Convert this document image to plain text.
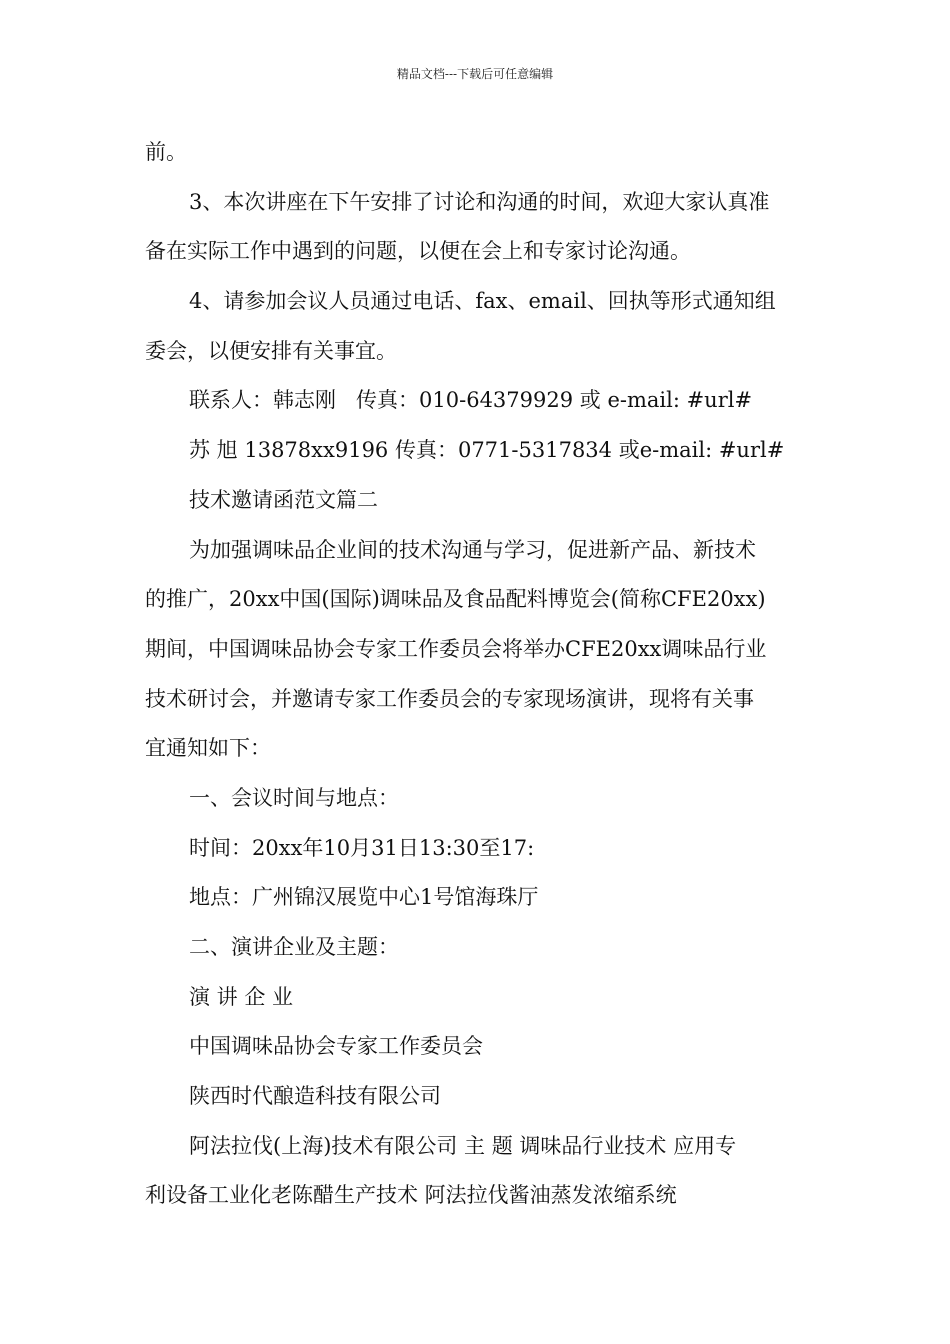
精品文档---下载后可任意编辑
前。
3、本次讲座在下午安排了讨论和沟通的时间，欢迎大家认真准
备在实际工作中遇到的问题，以便在会上和专家讨论沟通。
4、请参加会议人员通过电话、fax、email、回执等形式通知组
委会，以便安排有关事宜。
联系人：韩志刚   传真：010-64379929 或 e-mail: #url#
苏 旭 13878xx9196 传真：0771-5317834 或e-mail: #url#
技术邀请函范文篇二
为加强调味品企业间的技术沟通与学习，促进新产品、新技术
的推广，20xx中国(国际)调味品及食品配料博览会(简称CFE20xx)
期间，中国调味品协会专家工作委员会将举办CFE20xx调味品行业
技术研讨会，并邀请专家工作委员会的专家现场演讲，现将有关事
宜通知如下：
一、会议时间与地点：
时间：20xx年10月31日13:30至17:
地点：广州锦汉展览中心1号馆海珠厅
二、演讲企业及主题：
演 讲 企 业
中国调味品协会专家工作委员会
陕西时代酿造科技有限公司
阿法拉伐(上海)技术有限公司 主 题 调味品行业技术 应用专
利设备工业化老陈醋生产技术 阿法拉伐酱油蒸发浓缩系统
